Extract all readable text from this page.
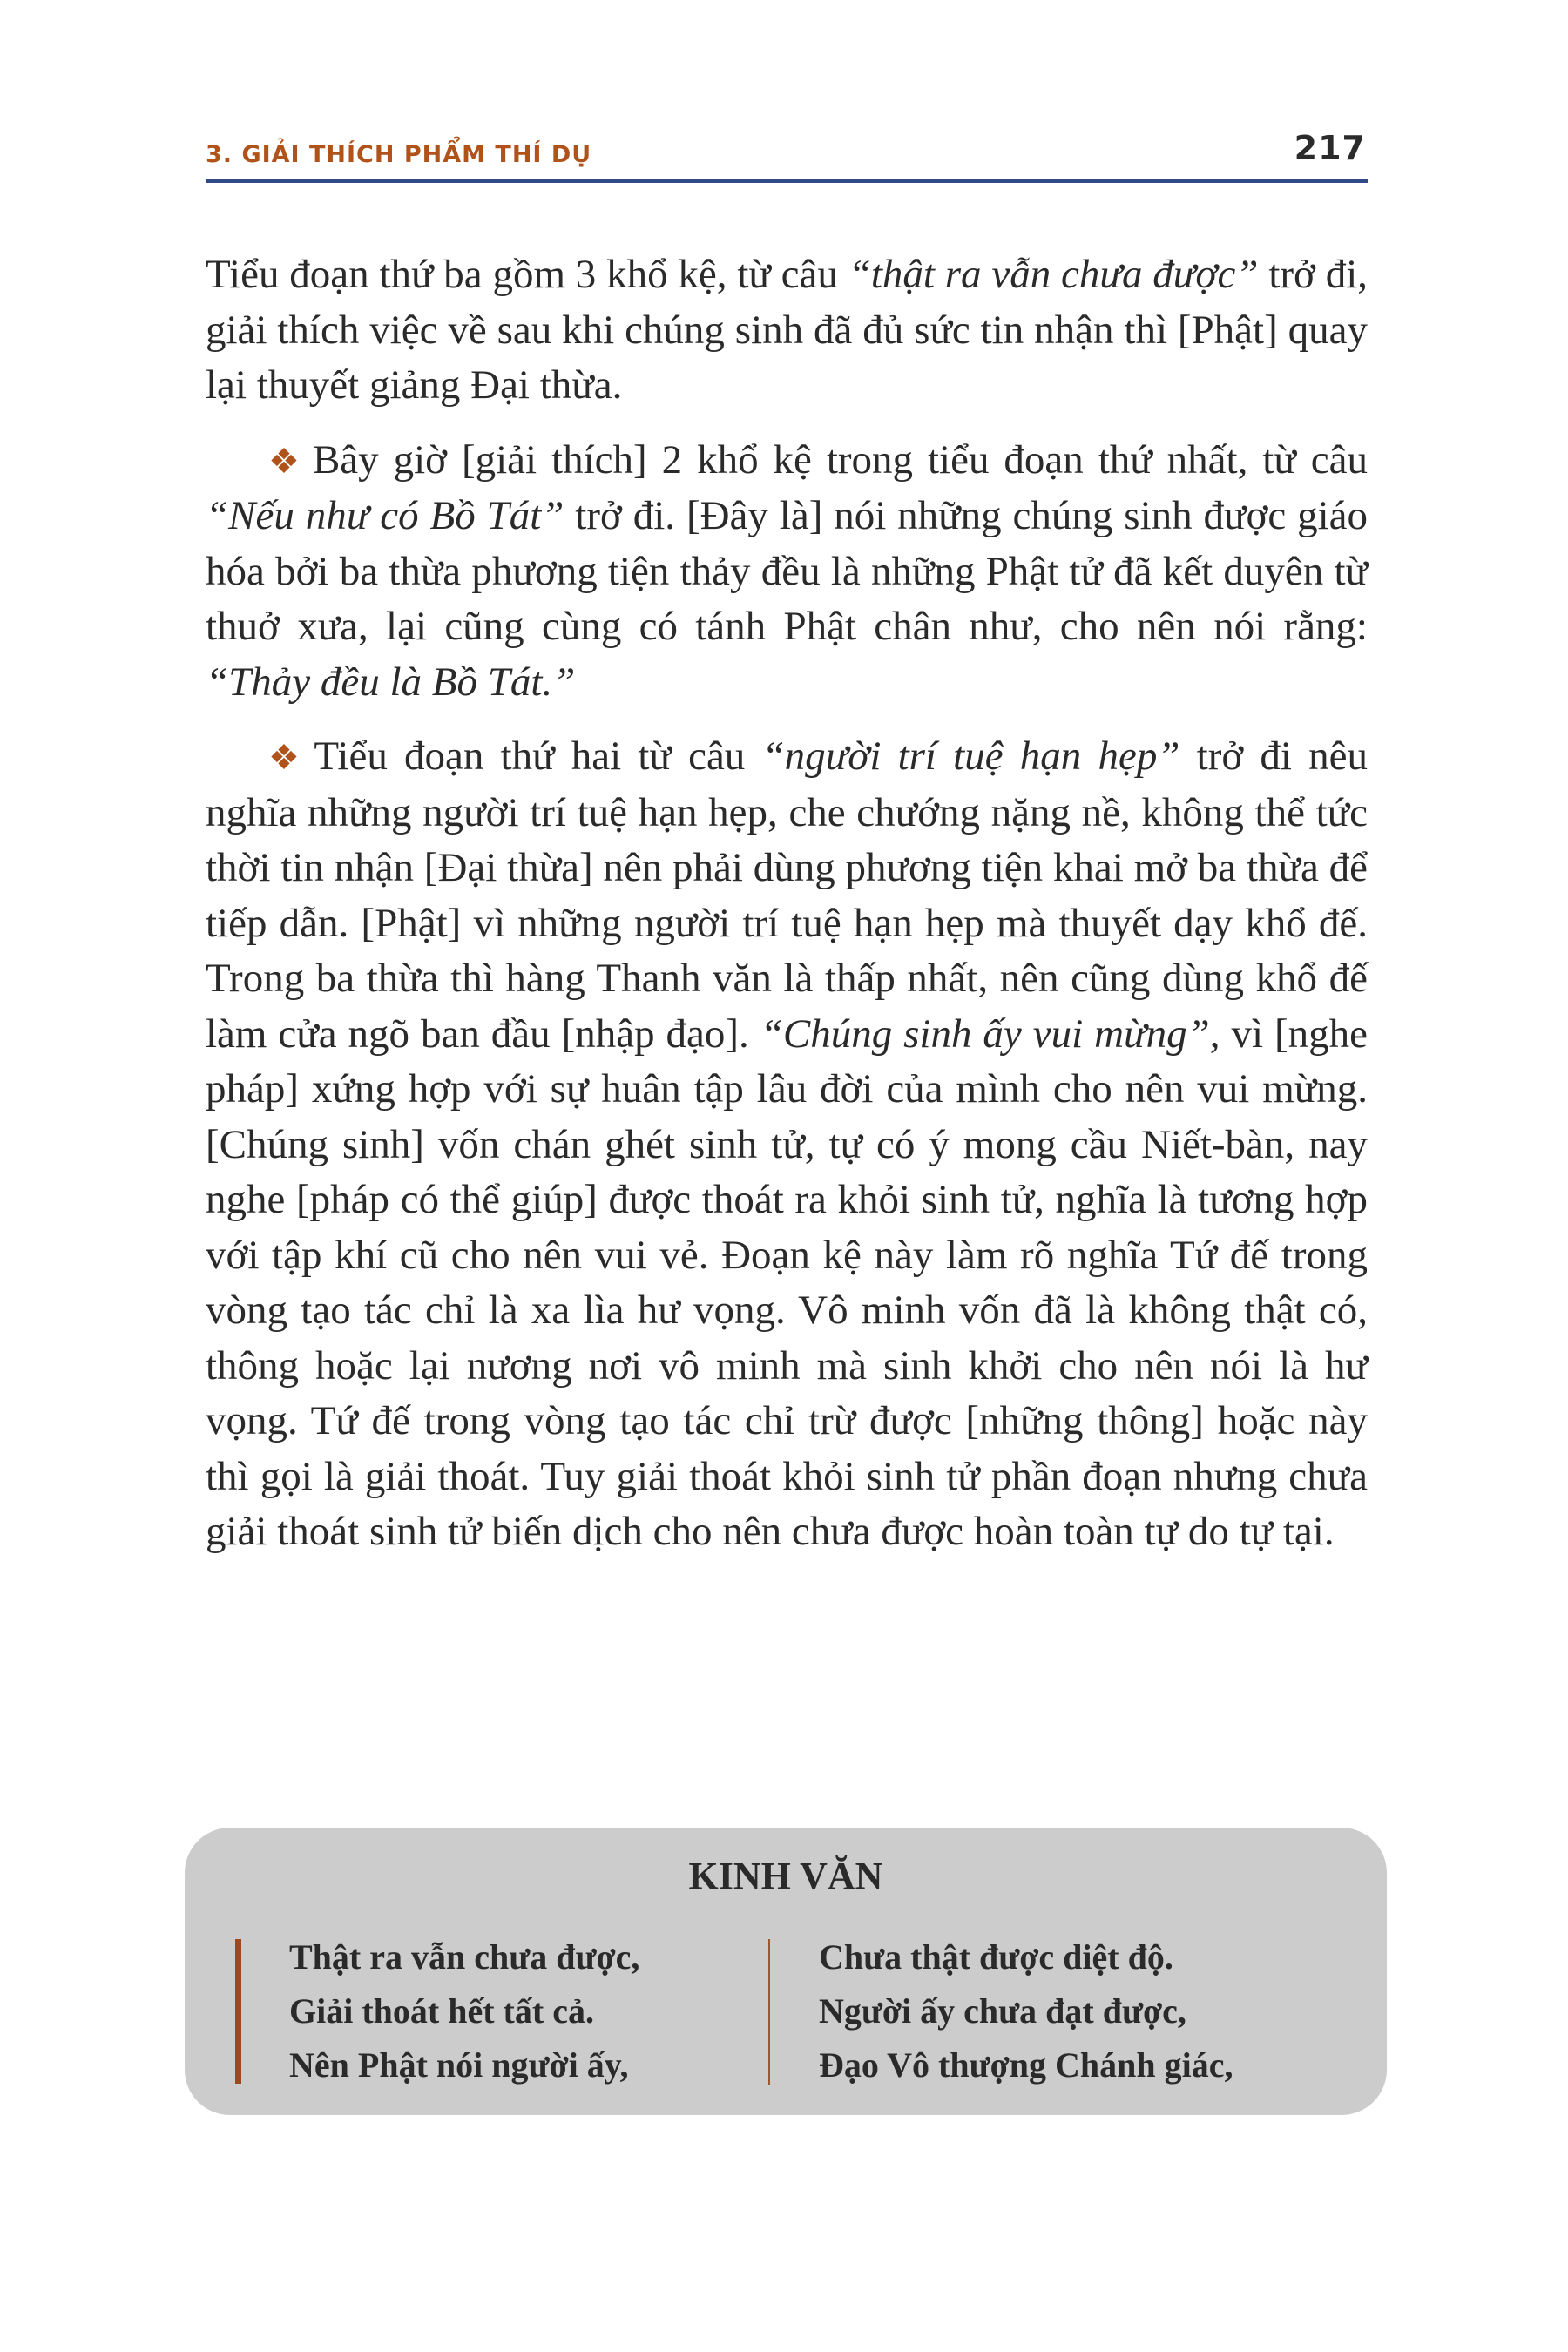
3. GIẢI THÍCH PHẨM THÍ DỤ	217

Tiểu đoạn thứ ba gồm 3 khổ kệ, từ câu “thật ra vẫn chưa được” trở đi, giải thích việc về sau khi chúng sinh đã đủ sức tin nhận thì [Phật] quay lại thuyết giảng Đại thừa.

❖ Bây giờ [giải thích] 2 khổ kệ trong tiểu đoạn thứ nhất, từ câu “Nếu như có Bồ Tát” trở đi. [Đây là] nói những chúng sinh được giáo hóa bởi ba thừa phương tiện thảy đều là những Phật tử đã kết duyên từ thuở xưa, lại cũng cùng có tánh Phật chân như, cho nên nói rằng: “Thảy đều là Bồ Tát.”

❖ Tiểu đoạn thứ hai từ câu “người trí tuệ hạn hẹp” trở đi nêu nghĩa những người trí tuệ hạn hẹp, che chướng nặng nề, không thể tức thời tin nhận [Đại thừa] nên phải dùng phương tiện khai mở ba thừa để tiếp dẫn. [Phật] vì những người trí tuệ hạn hẹp mà thuyết dạy khổ đế. Trong ba thừa thì hàng Thanh văn là thấp nhất, nên cũng dùng khổ đế làm cửa ngõ ban đầu [nhập đạo]. “Chúng sinh ấy vui mừng”, vì [nghe pháp] xứng hợp với sự huân tập lâu đời của mình cho nên vui mừng. [Chúng sinh] vốn chán ghét sinh tử, tự có ý mong cầu Niết-bàn, nay nghe [pháp có thể giúp] được thoát ra khỏi sinh tử, nghĩa là tương hợp với tập khí cũ cho nên vui vẻ. Đoạn kệ này làm rõ nghĩa Tứ đế trong vòng tạo tác chỉ là xa lìa hư vọng. Vô minh vốn đã là không thật có, thông hoặc lại nương nơi vô minh mà sinh khởi cho nên nói là hư vọng. Tứ đế trong vòng tạo tác chỉ trừ được [những thông] hoặc này thì gọi là giải thoát. Tuy giải thoát khỏi sinh tử phần đoạn nhưng chưa giải thoát sinh tử biến dịch cho nên chưa được hoàn toàn tự do tự tại.

KINH VĂN
Thật ra vẫn chưa được,
Giải thoát hết tất cả.
Nên Phật nói người ấy,
Chưa thật được diệt độ.
Người ấy chưa đạt được,
Đạo Vô thượng Chánh giác,
